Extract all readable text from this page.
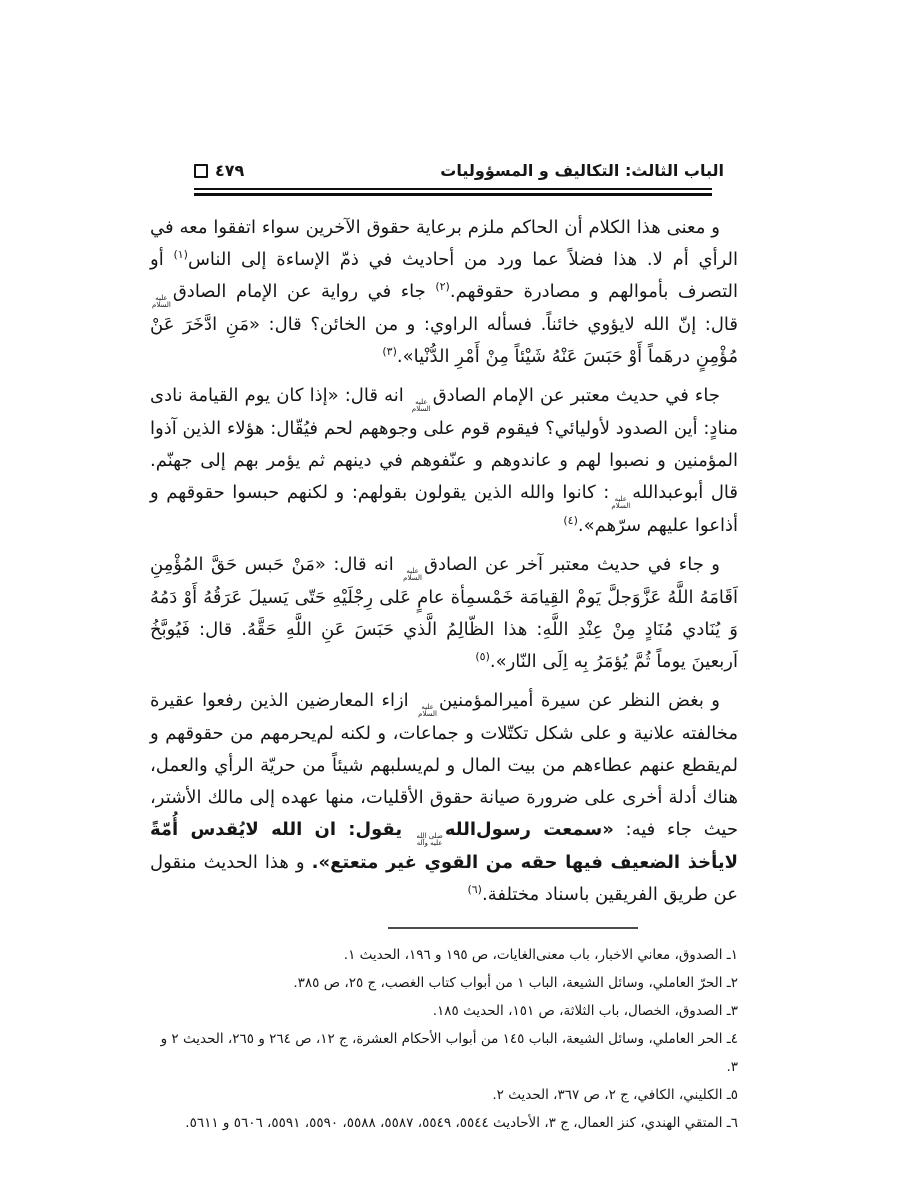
الباب الثالث: التكاليف و المسؤوليات
٤٧٩

و معنى هذا الكلام أن الحاكم ملزم برعاية حقوق الآخرين سواء اتفقوا معه في الرأي أم لا. هذا فضلاً عما ورد من أحاديث في ذمّ الإساءة إلى الناس$^{(١)}$ أو التصرف بأموالهم و مصادرة حقوقهم.$^{(٢)}$ جاء في رواية عن الإمام الصادق
عليه
السلام
قال: إنّ الله لايؤوي خائناً. فسأله الراوي: و من الخائن؟ قال: «مَنِ ادَّخَرَ عَنْ مُؤْمِنٍ درهَماً أَوْ حَبَسَ عَنْهُ شَيْئاً مِنْ أَمْرِ الدُّنْيا».$^{(٣)}$

جاء في حديث معتبر عن الإمام الصادق
عليه
السلام
انه قال: «إذا كان يوم القيامة نادى منادٍ: أين الصدود لأوليائي؟ فيقوم قوم على وجوههم لحم فيُقّال: هؤلاء الذين آذوا المؤمنين و نصبوا لهم و عاندوهم و عنّفوهم في دينهم ثم يؤمر بهم إلى جهنّم. قال أبوعبدالله
عليه
السلام
: كانوا والله الذين يقولون بقولهم: و لكنهم حبسوا حقوقهم و أذاعوا عليهم سرّهم».$^{(٤)}$

و جاء في حديث معتبر آخر عن الصادق
عليه
السلام
انه قال: «مَنْ حَبس حَقَّ المُؤْمِنِ اَقَامَهُ اللَّهُ عَزَّوَجلَّ يَومْ القِيامَة خَمْسمِأة عامٍ عَلى رِجْلَيْهِ حَتّى يَسيلَ عَرَقُهُ أَوْ دَمُهُ وَ يُنَادي مُنَادٍ مِنْ عِنْدِ اللَّهِ: هذا الظّالِمُ الَّذي حَبَسَ عَنِ اللَّهِ حَقَّهُ. قال: فَيُوبَّخُ اَربعينَ يوماً ثُمَّ يُؤمَرُ بِه اِلَى النّار».$^{(٥)}$

و بغض النظر عن سيرة أميرالمؤمنين
عليه
السلام
ازاء المعارضين الذين رفعوا عقيرة مخالفته علانية و على شكل تكتّلات و جماعات، و لكنه لم‌يحرمهم من حقوقهم و لم‌يقطع عنهم عطاءهم من بيت المال و لم‌يسلبهم شيئاً من حريّة الرأي والعمل، هناك أدلة أخرى على ضرورة صيانة حقوق الأقليات، منها عهده إلى مالك الأشتر، حيث جاء فيه: «سمعت رسول‌الله
صلى الله
عليه وآله
يقول: ان الله لايُقدس أُمّةً لايأخذ الضعيف فيها حقه من القوي غير متعتع». و هذا الحديث منقول عن طريق الفريقين باسناد مختلفة.$^{(٦)}$

١ـ الصدوق، معاني الاخبار، باب معنى‌الغايات، ص ١٩٥ و ١٩٦، الحديث ١.
٢ـ الحرّ العاملي، وسائل الشيعة، الباب ١ من أبواب كتاب الغصب، ج ٢٥، ص ٣٨٥.
٣ـ الصدوق، الخصال، باب الثلاثة، ص ١٥١، الحديث ١٨٥.
٤ـ الحر العاملي، وسائل الشيعة، الباب ١٤٥ من أبواب الأحكام العشرة، ج ١٢، ص ٢٦٤ و ٢٦٥، الحديث ٢ و ٣.
٥ـ الكليني، الكافي، ج ٢، ص ٣٦٧، الحديث ٢.
٦ـ المتقي الهندي، كنز العمال، ج ٣، الأحاديث ٥٥٤٤، ٥٥٤٩، ٥٥٨٧، ٥٥٨٨، ٥٥٩٠، ٥٥٩١، ٥٦٠٦ و ٥٦١١.
